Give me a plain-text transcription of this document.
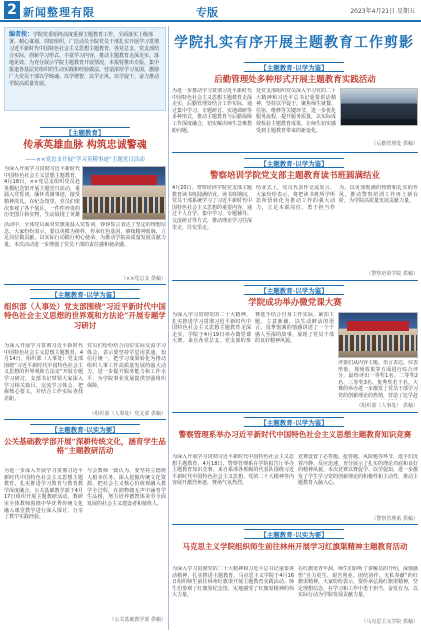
2 新闻整理有限	专版	2023年4月21日 星期五
编者按：学院党委始终高度重视主题教育工作，全面落实上级部署，精心谋划、周密组织，广泛动员全院党员干部扎实开展学习贯彻习近平新时代中国特色社会主义思想主题教育。各党总支、党支部结合实际，创新学习形式、丰富学习内容，推动主题教育走深走实、落地见效。为充分展示学院主题教育开展情况，本报特推出专版，集中报道各基层党组织的生动实践和经验做法，营造浓厚学习氛围，激励广大党员干部以学铸魂、以学增智、以学正风、以学促干，奋力推动学院高质量发展。
学院扎实有序开展主题教育工作剪影
【主题教育】
传承英雄血脉 构筑忠诚警魂
——××党总支开展“学习英模事迹”主题党日活动
为深入开展学习贯彻习近平新时代中国特色社会主义思想主题教育，4月18日，××党总支组织党员赴英模纪念馆开展主题党日活动，重温入党誓词，缅怀英雄事迹，接受精神洗礼。在纪念馆里，党员们依次参观了各个展区，一件件珍贵的历史图片和实物，生动展现了英雄
活动中，全体党员面对党旗重温入党誓词，铮铮誓言表达了坚定的理想信念。大家纷纷表示，要以英模为榜样，传承红色基因，赓续精神血脉，立足岗位做贡献，以实际行动践行初心使命，为推动学院高质量发展贡献力量。本次活动进一步增强了党员干部的责任感和使命感。
（××党总支 供稿）
【主题教育·以学为鉴】
组织部（人事处）党支部围绕“习近平新时代中国特色社会主义思想的世界观和方法论”开展专题学习研讨
为深入开展学习贯彻习近平新时代中国特色社会主义思想主题教育，4月14日，组织部（人事处）党支部围绕“习近平新时代中国特色社会主义思想的世界观和方法论”开展专题学习研讨。支部书记带领大家深入学习相关篇目，交流学习体会，把握核心要义，并结合工作实际查找差距。
党员们纷纷结合岗位实际交流学习体会，表示要坚持学思用贯通、知信行统一，把学习成果转化为推动组织人事工作高质量发展的强大动力，进一步提升服务能力和工作水平，为学院事业发展提供坚强组织保障。
（组织部（人事处）党支部 供稿）
【主题教育·以实为要】
公关基础教学部开展“深耕传统文化，涵育学生品格”主题教研活动
为进一步深入开展学习贯彻习近平新时代中国特色社会主义思想主题教育，扎实推进学习教育与教育教学深度融合，公关基础教学部于4月17日组织开展主题教研活动。教研室全体教师围绕中华优秀传统文化融入课堂教学进行深入探讨，分享了教学实践经验。
与会教师一致认为，要坚持立德树人根本任务，深入挖掘传统文化资源，把社会主义核心价值观融入教学全过程，在润物细无声中涵育学生品格，努力培养德智体美劳全面发展的社会主义建设者和接班人。
（公关基础教学部 供稿）
【主题教育·以学为鉴】
后勤管理处多种形式开展主题教育实践活动
为进一步推动学习贯彻习近平新时代中国特色社会主义思想主题教育走深走实，后勤管理处结合工作实际，通过集中学习、专题研讨、实地调研等多种形式，推动主题教育与后勤保障工作深度融合，切实解决师生急难愁盼问题。
处党支部组织党员深入学习党的二十大精神和习近平总书记重要讲话精神，坚持以学促干，聚焦师生就餐、住宿、维修等关键环节，进一步优化服务流程，提升服务质量，以实际成效检验主题教育成果，让师生切实感受到主题教育带来的新变化。
（后勤管理处 供稿）
【主题教育·以学为鉴】
警察培训学院党支部主题教育读书班圆满结业
4月20日，警察培训学院党支部主题教育读书班圆满结业。读书班期间，党员干部系统学习了习近平新时代中国特色社会主义思想的重要内容，通过个人自学、集中学习、专题辅导、交流研讨等方式，推动理论学习往深里走、往实里走。
结业式上，党员代表作交流发言，大家纷纷表示，将把读书班所学所思所悟转化为推动工作的强大动力，立足本职岗位，勇于担当作为，以更加饱满的热情和扎实的作风，推动警察培训工作再上新台阶，为学院高质量发展贡献力量。
（警察培训学院 供稿）
【主题教育·以学为鉴】
学院成功举办微党课大赛
为深入学习贯彻党的二十大精神，扎实推进学习贯彻习近平新时代中国特色社会主义思想主题教育走深走实，学院于4月19日举办微党课大赛。来自各党总支、党支部的参赛选手结合自身工作实际，紧扣主题、立意新颖，以生动鲜活的语言、真挚饱满的情感讲述了一个个感人至深的故事，展现了党员干部的良好精神风貌。
评委们从内容主题、语言表达、仪表形象、现场效果等方面进行综合评分，最终评出一等奖1名、二等奖2名、三等奖3名、优秀奖若干名。大赛的举办进一步激发了党员干部学习党的创新理论的热情，营造了比学赶
（组织部（人事处） 供稿）
【主题教育·以学为鉴】
警察管理系举办习近平新时代中国特色社会主义思想主题教育知识竞赛
为深入开展学习贯彻习近平新时代中国特色社会主义思想主题教育，4月18日，警察管理系在学院报告厅举办主题教育知识竞赛。来自系部各班级的代表队围绕习近平新时代中国特色社会主义思想、党的二十大精神等内容展开激烈角逐，赛场气氛热烈。
竞赛设置了必答题、抢答题、风险题等环节，选手们沉着冷静、反应迅速，充分展示了扎实的理论功底和良好的精神风貌。本次竞赛以赛促学、以学促知，进一步激发了学生学习党的创新理论的积极性和主动性，推动主题教育入脑入心。
（警察管理系 供稿）
【主题教育·以实为要】
马克思主义学院组织师生前往林州开展学习红旗渠精神主题教育活动
为深入学习贯彻党的二十大精神和习近平总书记重要讲话精神，扎实推进主题教育，马克思主义学院于4月16日组织师生前往林州红旗渠开展主题教育实践活动。师生们参观了红旗渠纪念馆，实地感受了红旗渠精神的伟大力量。
在红旗渠青年洞，师生们聆听了讲解员的介绍，深刻感悟“自力更生、艰苦创业、团结协作、无私奉献”的红旗渠精神。大家纷纷表示，要传承弘扬红旗渠精神，坚定理想信念，在学习和工作中勇于担当、奋发有为，以实际行动为学院发展贡献力量。
（马克思主义学院 供稿）
